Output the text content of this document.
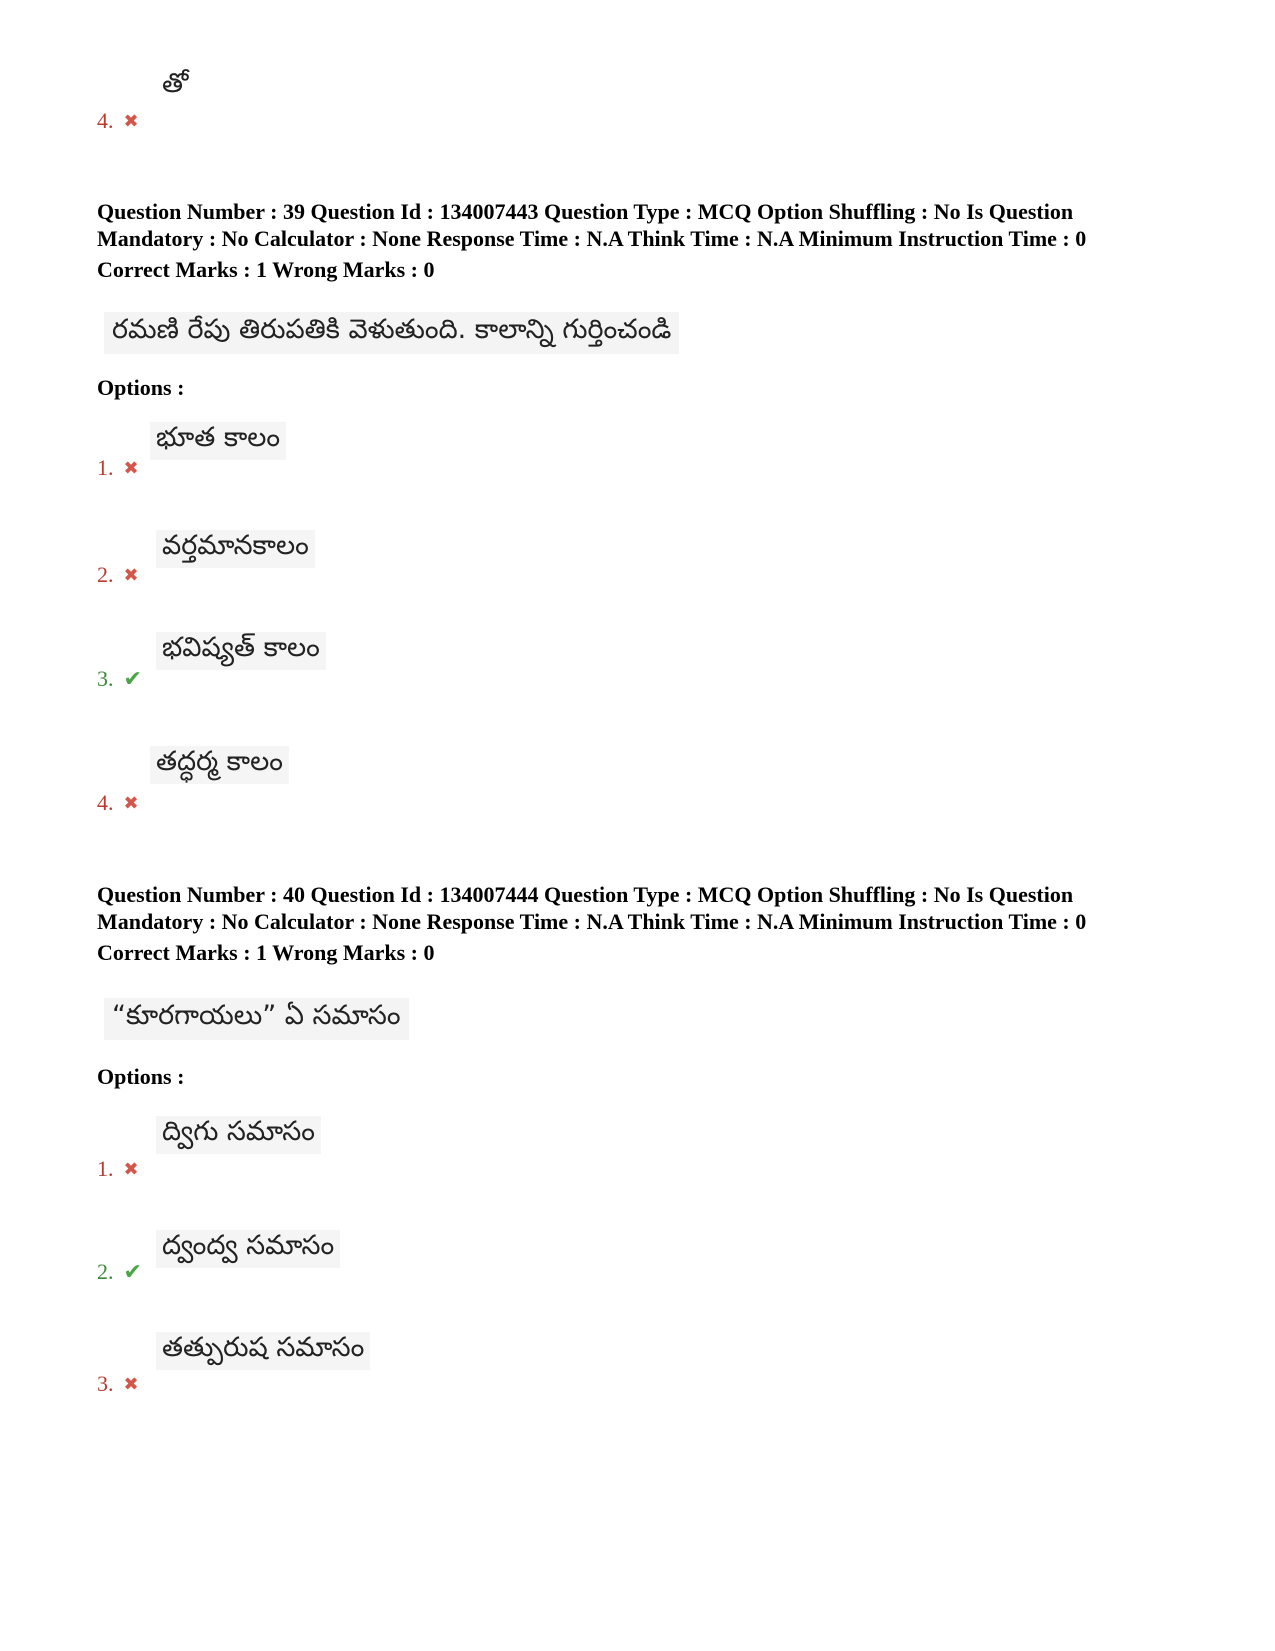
తో
4. ✖
Question Number : 39 Question Id : 134007443 Question Type : MCQ Option Shuffling : No Is Question
Mandatory : No Calculator : None Response Time : N.A Think Time : N.A Minimum Instruction Time : 0
Correct Marks : 1 Wrong Marks : 0
రమణి రేపు తిరుపతికి వెళుతుంది. కాలాన్ని గుర్తించండి
Options :
భూత కాలం
1. ✖
వర్తమానకాలం
2. ✖
భవిష్యత్ కాలం
3. ✔
తద్ధర్మ కాలం
4. ✖
Question Number : 40 Question Id : 134007444 Question Type : MCQ Option Shuffling : No Is Question
Mandatory : No Calculator : None Response Time : N.A Think Time : N.A Minimum Instruction Time : 0
Correct Marks : 1 Wrong Marks : 0
“కూరగాయలు” ఏ సమాసం
Options :
ద్విగు సమాసం
1. ✖
ద్వంద్వ సమాసం
2. ✔
తత్పురుష సమాసం
3. ✖
